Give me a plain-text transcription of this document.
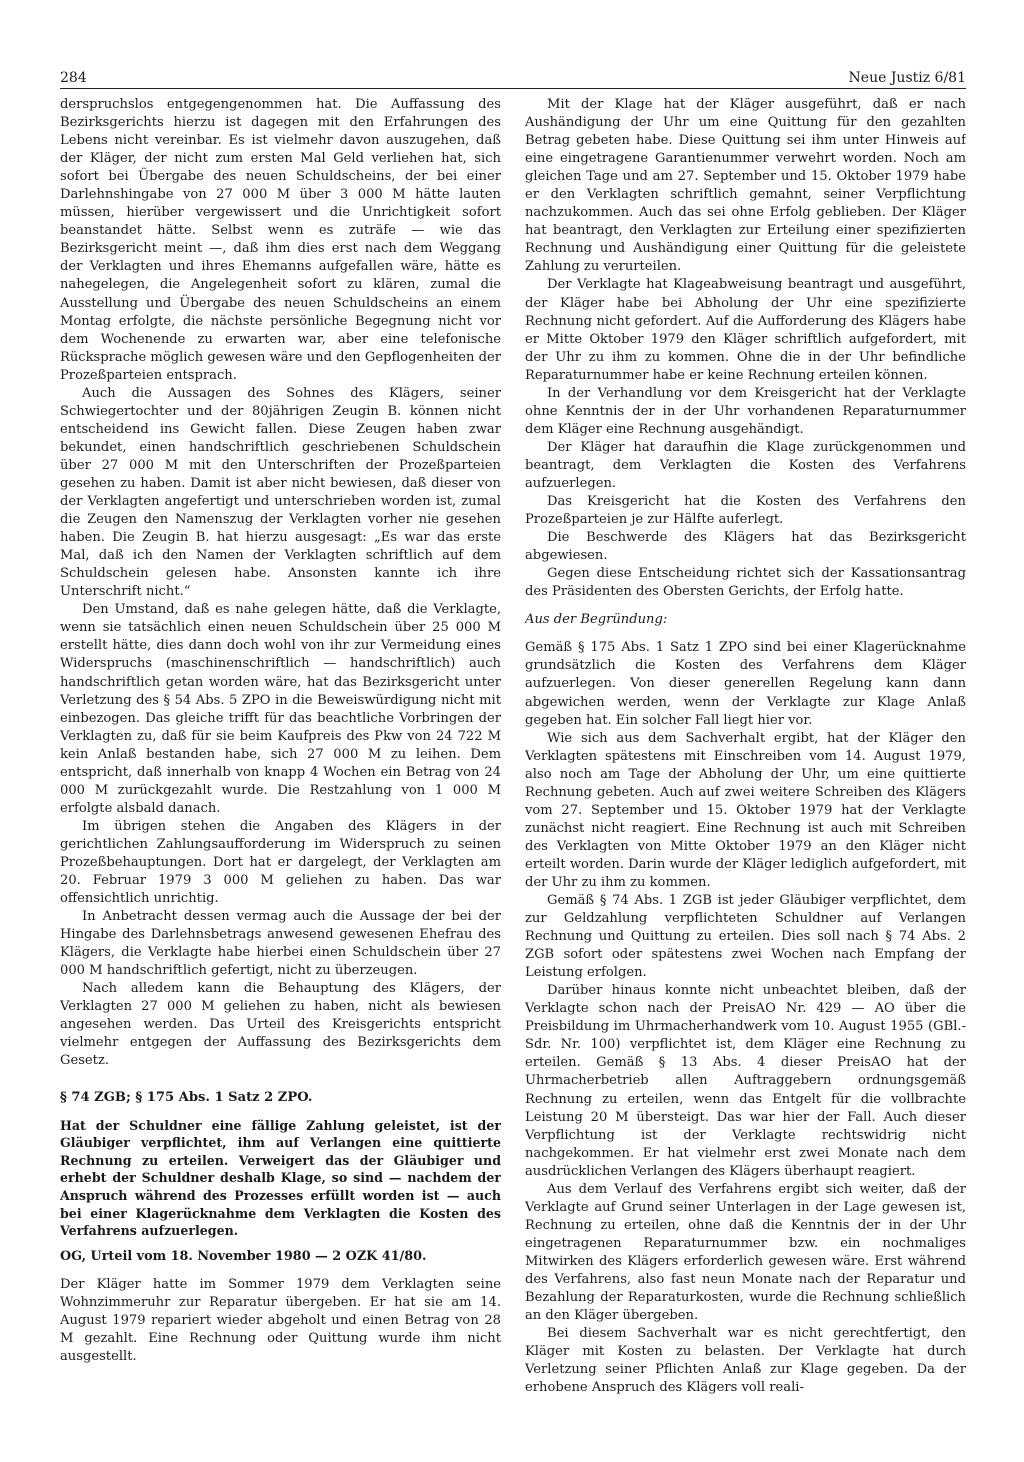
284	Neue Justiz 6/81

derspruchslos entgegengenommen hat. Die Auffassung des Bezirksgerichts hierzu ist dagegen mit den Erfahrungen des Lebens nicht vereinbar. Es ist vielmehr davon auszugehen, daß der Kläger, der nicht zum ersten Mal Geld verliehen hat, sich sofort bei Übergabe des neuen Schuldscheins, der bei einer Darlehnshingabe von 27 000 M über 3 000 M hätte lauten müssen, hierüber vergewissert und die Unrichtigkeit sofort beanstandet hätte. Selbst wenn es zuträfe — wie das Bezirksgericht meint —, daß ihm dies erst nach dem Weggang der Verklagten und ihres Ehemanns aufgefallen wäre, hätte es nahegelegen, die Angelegenheit sofort zu klären, zumal die Ausstellung und Übergabe des neuen Schuldscheins an einem Montag erfolgte, die nächste persönliche Begegnung nicht vor dem Wochenende zu erwarten war, aber eine telefonische Rücksprache möglich gewesen wäre und den Gepflogenheiten der Prozeßparteien entsprach.

Auch die Aussagen des Sohnes des Klägers, seiner Schwiegertochter und der 80jährigen Zeugin B. können nicht entscheidend ins Gewicht fallen. Diese Zeugen haben zwar bekundet, einen handschriftlich geschriebenen Schuldschein über 27 000 M mit den Unterschriften der Prozeßparteien gesehen zu haben. Damit ist aber nicht bewiesen, daß dieser von der Verklagten angefertigt und unterschrieben worden ist, zumal die Zeugen den Namenszug der Verklagten vorher nie gesehen haben. Die Zeugin B. hat hierzu ausgesagt: „Es war das erste Mal, daß ich den Namen der Verklagten schriftlich auf dem Schuldschein gelesen habe. Ansonsten kannte ich ihre Unterschrift nicht.“

Den Umstand, daß es nahe gelegen hätte, daß die Verklagte, wenn sie tatsächlich einen neuen Schuldschein über 25 000 M erstellt hätte, dies dann doch wohl von ihr zur Vermeidung eines Widerspruchs (maschinenschriftlich — handschriftlich) auch handschriftlich getan worden wäre, hat das Bezirksgericht unter Verletzung des § 54 Abs. 5 ZPO in die Beweiswürdigung nicht mit einbezogen. Das gleiche trifft für das beachtliche Vorbringen der Verklagten zu, daß für sie beim Kaufpreis des Pkw von 24 722 M kein Anlaß bestanden habe, sich 27 000 M zu leihen. Dem entspricht, daß innerhalb von knapp 4 Wochen ein Betrag von 24 000 M zurückgezahlt wurde. Die Restzahlung von 1 000 M erfolgte alsbald danach.

Im übrigen stehen die Angaben des Klägers in der gerichtlichen Zahlungsaufforderung im Widerspruch zu seinen Prozeßbehauptungen. Dort hat er dargelegt, der Verklagten am 20. Februar 1979 3 000 M geliehen zu haben. Das war offensichtlich unrichtig.

In Anbetracht dessen vermag auch die Aussage der bei der Hingabe des Darlehnsbetrags anwesend gewesenen Ehefrau des Klägers, die Verklagte habe hierbei einen Schuldschein über 27 000 M handschriftlich gefertigt, nicht zu überzeugen.

Nach alledem kann die Behauptung des Klägers, der Verklagten 27 000 M geliehen zu haben, nicht als bewiesen angesehen werden. Das Urteil des Kreisgerichts entspricht vielmehr entgegen der Auffassung des Bezirksgerichts dem Gesetz.

§ 74 ZGB; § 175 Abs. 1 Satz 2 ZPO.

Hat der Schuldner eine fällige Zahlung geleistet, ist der Gläubiger verpflichtet, ihm auf Verlangen eine quittierte Rechnung zu erteilen. Verweigert das der Gläubiger und erhebt der Schuldner deshalb Klage, so sind — nachdem der Anspruch während des Prozesses erfüllt worden ist — auch bei einer Klagerücknahme dem Verklagten die Kosten des Verfahrens aufzuerlegen.

OG, Urteil vom 18. November 1980 — 2 OZK 41/80.

Der Kläger hatte im Sommer 1979 dem Verklagten seine Wohnzimmeruhr zur Reparatur übergeben. Er hat sie am 14. August 1979 repariert wieder abgeholt und einen Betrag von 28 M gezahlt. Eine Rechnung oder Quittung wurde ihm nicht ausgestellt.

Mit der Klage hat der Kläger ausgeführt, daß er nach Aushändigung der Uhr um eine Quittung für den gezahlten Betrag gebeten habe. Diese Quittung sei ihm unter Hinweis auf eine eingetragene Garantienummer verwehrt worden. Noch am gleichen Tage und am 27. September und 15. Oktober 1979 habe er den Verklagten schriftlich gemahnt, seiner Verpflichtung nachzukommen. Auch das sei ohne Erfolg geblieben. Der Kläger hat beantragt, den Verklagten zur Erteilung einer spezifizierten Rechnung und Aushändigung einer Quittung für die geleistete Zahlung zu verurteilen.

Der Verklagte hat Klageabweisung beantragt und ausgeführt, der Kläger habe bei Abholung der Uhr eine spezifizierte Rechnung nicht gefordert. Auf die Aufforderung des Klägers habe er Mitte Oktober 1979 den Kläger schriftlich aufgefordert, mit der Uhr zu ihm zu kommen. Ohne die in der Uhr befindliche Reparaturnummer habe er keine Rechnung erteilen können.

In der Verhandlung vor dem Kreisgericht hat der Verklagte ohne Kenntnis der in der Uhr vorhandenen Reparaturnummer dem Kläger eine Rechnung ausgehändigt.

Der Kläger hat daraufhin die Klage zurückgenommen und beantragt, dem Verklagten die Kosten des Verfahrens aufzuerlegen.

Das Kreisgericht hat die Kosten des Verfahrens den Prozeßparteien je zur Hälfte auferlegt.

Die Beschwerde des Klägers hat das Bezirksgericht abgewiesen.

Gegen diese Entscheidung richtet sich der Kassationsantrag des Präsidenten des Obersten Gerichts, der Erfolg hatte.

Aus der Begründung:

Gemäß § 175 Abs. 1 Satz 1 ZPO sind bei einer Klagerücknahme grundsätzlich die Kosten des Verfahrens dem Kläger aufzuerlegen. Von dieser generellen Regelung kann dann abgewichen werden, wenn der Verklagte zur Klage Anlaß gegeben hat. Ein solcher Fall liegt hier vor.

Wie sich aus dem Sachverhalt ergibt, hat der Kläger den Verklagten spätestens mit Einschreiben vom 14. August 1979, also noch am Tage der Abholung der Uhr, um eine quittierte Rechnung gebeten. Auch auf zwei weitere Schreiben des Klägers vom 27. September und 15. Oktober 1979 hat der Verklagte zunächst nicht reagiert. Eine Rechnung ist auch mit Schreiben des Verklagten von Mitte Oktober 1979 an den Kläger nicht erteilt worden. Darin wurde der Kläger lediglich aufgefordert, mit der Uhr zu ihm zu kommen.

Gemäß § 74 Abs. 1 ZGB ist jeder Gläubiger verpflichtet, dem zur Geldzahlung verpflichteten Schuldner auf Verlangen Rechnung und Quittung zu erteilen. Dies soll nach § 74 Abs. 2 ZGB sofort oder spätestens zwei Wochen nach Empfang der Leistung erfolgen.

Darüber hinaus konnte nicht unbeachtet bleiben, daß der Verklagte schon nach der PreisAO Nr. 429 — AO über die Preisbildung im Uhrmacherhandwerk vom 10. August 1955 (GBl.-Sdr. Nr. 100) verpflichtet ist, dem Kläger eine Rechnung zu erteilen. Gemäß § 13 Abs. 4 dieser PreisAO hat der Uhrmacherbetrieb allen Auftraggebern ordnungsgemäß Rechnung zu erteilen, wenn das Entgelt für die vollbrachte Leistung 20 M übersteigt. Das war hier der Fall. Auch dieser Verpflichtung ist der Verklagte rechtswidrig nicht nachgekommen. Er hat vielmehr erst zwei Monate nach dem ausdrücklichen Verlangen des Klägers überhaupt reagiert.

Aus dem Verlauf des Verfahrens ergibt sich weiter, daß der Verklagte auf Grund seiner Unterlagen in der Lage gewesen ist, Rechnung zu erteilen, ohne daß die Kenntnis der in der Uhr eingetragenen Reparaturnummer bzw. ein nochmaliges Mitwirken des Klägers erforderlich gewesen wäre. Erst während des Verfahrens, also fast neun Monate nach der Reparatur und Bezahlung der Reparaturkosten, wurde die Rechnung schließlich an den Kläger übergeben.

Bei diesem Sachverhalt war es nicht gerechtfertigt, den Kläger mit Kosten zu belasten. Der Verklagte hat durch Verletzung seiner Pflichten Anlaß zur Klage gegeben. Da der erhobene Anspruch des Klägers voll reali-
